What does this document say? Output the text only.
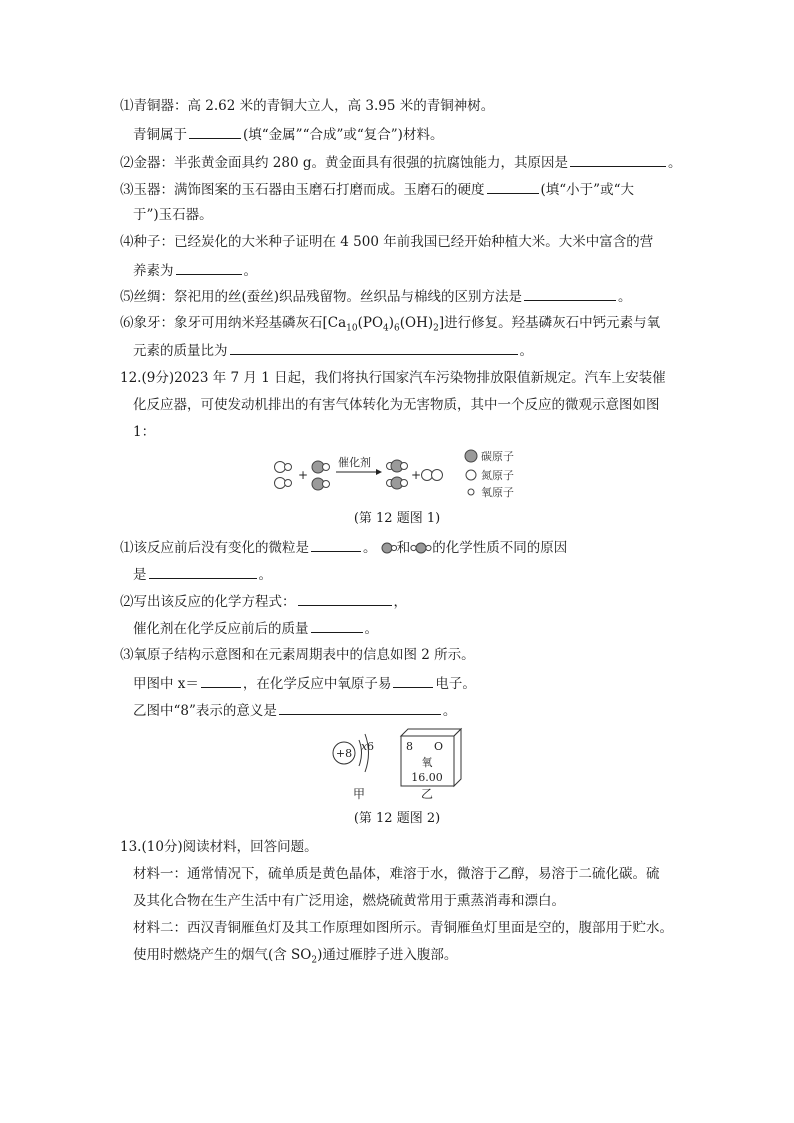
⑴青铜器：高 2.62 米的青铜大立人，高 3.95 米的青铜神树。
青铜属于	(填“金属”“合成”或“复合”)材料。
⑵金器：半张黄金面具约 280 g。黄金面具有很强的抗腐蚀能力，其原因是	。
⑶玉器：满饰图案的玉石器由玉磨石打磨而成。玉磨石的硬度	(填“小于”或“大
于”)玉石器。
⑷种子：已经炭化的大米种子证明在 4 500 年前我国已经开始种植大米。大米中富含的营
养素为	。
⑸丝绸：祭祀用的丝(蚕丝)织品残留物。丝织品与棉线的区别方法是	。
⑹象牙：象牙可用纳米羟基磷灰石$[Ca_{10}(PO_4)_6(OH)_2]$进行修复。羟基磷灰石中钙元素与氧
元素的质量比为	。
12.(9分)2023 年 7 月 1 日起，我们将执行国家汽车污染物排放限值新规定。汽车上安装催
化反应器，可使发动机排出的有害气体转化为无害物质，其中一个反应的微观示意图如图
1：
+
催化剂
+
碳原子
氮原子
氧原子
(第 12 题图 1)
⑴该反应前后没有变化的微粒是	。 和 的化学性质不同的原因
是	。
⑵写出该反应的化学方程式：	，
催化剂在化学反应前后的质量	。
⑶氧原子结构示意图和在元素周期表中的信息如图 2 所示。
甲图中 x＝	，在化学反应中氧原子易	电子。
乙图中“8”表示的意义是	。
+8
x 6
甲
8 O
氧
16.00
乙
(第 12 题图 2)
13.(10分)阅读材料，回答问题。
材料一：通常情况下，硫单质是黄色晶体，难溶于水，微溶于乙醇，易溶于二硫化碳。硫
及其化合物在生产生活中有广泛用途，燃烧硫黄常用于熏蒸消毒和漂白。
材料二：西汉青铜雁鱼灯及其工作原理如图所示。青铜雁鱼灯里面是空的，腹部用于贮水。
使用时燃烧产生的烟气(含 $SO_2$)通过雁脖子进入腹部。
